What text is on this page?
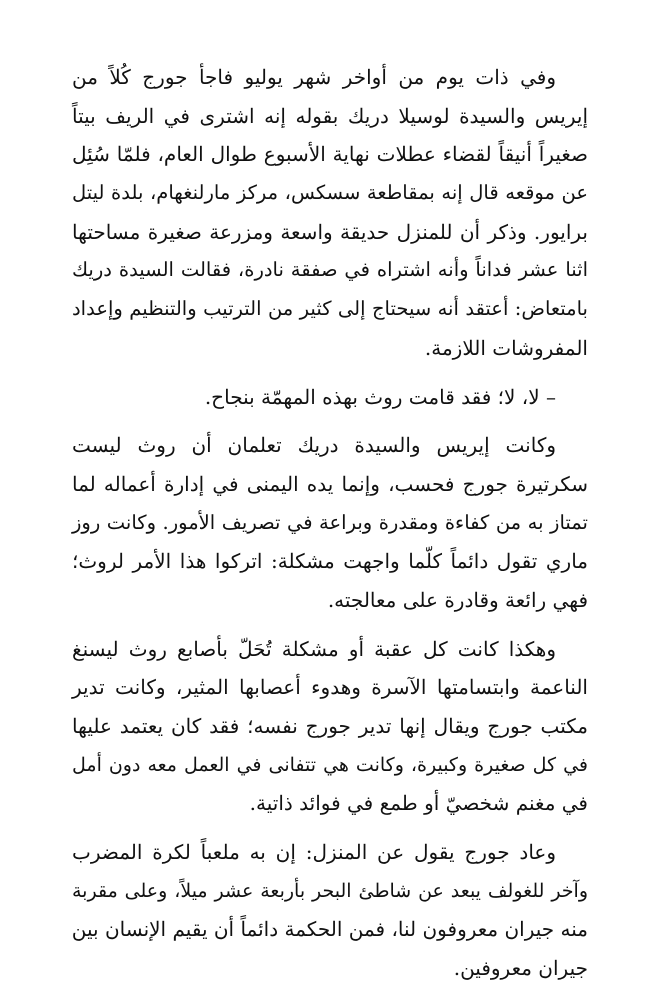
وفي ذات يوم من أواخر شهر يوليو فاجأ جورج كُلاً من
إيريس والسيدة لوسيلا دريك بقوله إنه اشترى في الريف بيتاً
صغيراً أنيقاً لقضاء عطلات نهاية الأسبوع طوال العام، فلمّا سُئِل
عن موقعه قال إنه بمقاطعة سسكس، مركز مارلنغهام، بلدة ليتل
برايور. وذكر أن للمنزل حديقة واسعة ومزرعة صغيرة مساحتها
اثنا عشر فداناً وأنه اشتراه في صفقة نادرة، فقالت السيدة دريك
بامتعاض: أعتقد أنه سيحتاج إلى كثير من الترتيب والتنظيم وإعداد
المفروشات اللازمة.
– لا، لا؛ فقد قامت روث بهذه المهمّة بنجاح.
وكانت إيريس والسيدة دريك تعلمان أن روث ليست
سكرتيرة جورج فحسب، وإنما يده اليمنى في إدارة أعماله لما
تمتاز به من كفاءة ومقدرة وبراعة في تصريف الأمور. وكانت روز
ماري تقول دائماً كلّما واجهت مشكلة: اتركوا هذا الأمر لروث؛
فهي رائعة وقادرة على معالجته.
وهكذا كانت كل عقبة أو مشكلة تُحَلّ بأصابع روث ليسنغ
الناعمة وابتسامتها الآسرة وهدوء أعصابها المثير، وكانت تدير
مكتب جورج ويقال إنها تدير جورج نفسه؛ فقد كان يعتمد عليها
في كل صغيرة وكبيرة، وكانت هي تتفانى في العمل معه دون أمل
في مغنم شخصيّ أو طمع في فوائد ذاتية.
وعاد جورج يقول عن المنزل: إن به ملعباً لكرة المضرب
وآخر للغولف يبعد عن شاطئ البحر بأربعة عشر ميلاً، وعلى مقربة
منه جيران معروفون لنا، فمن الحكمة دائماً أن يقيم الإنسان بين
جيران معروفين.
